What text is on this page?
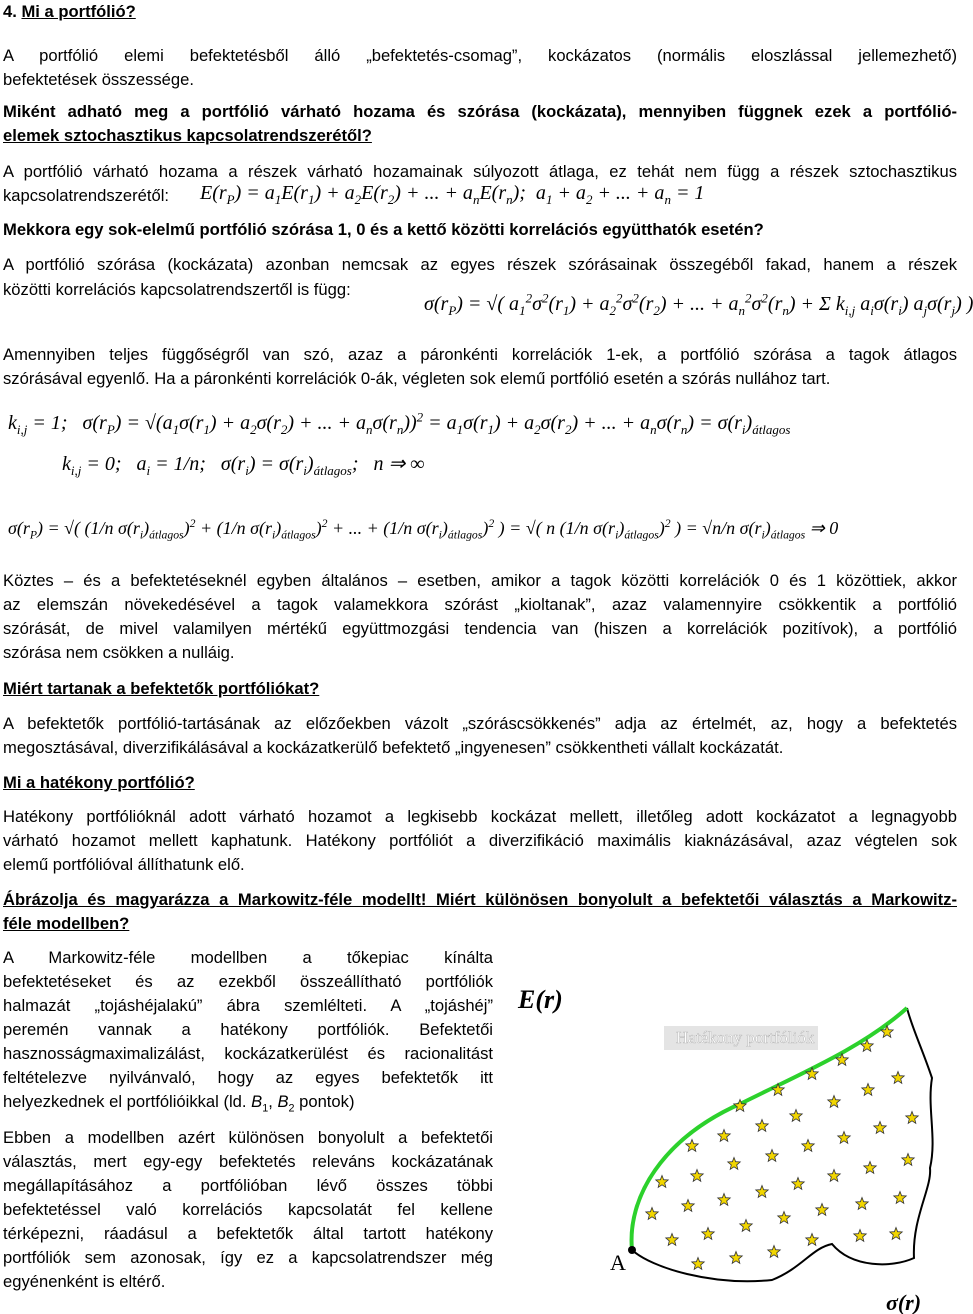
4. Mi a portfólió?

A portfólió elemi befektetésből álló „befektetés-csomag”, kockázatos (normális eloszlással jellemezhető)

befektetések összessége.

Miként adható meg a portfólió várható hozama és szórása (kockázata), mennyiben függnek ezek a portfólió-

elemek sztochasztikus kapcsolatrendszerétől?

A portfólió várható hozama a részek várható hozamainak súlyozott átlaga, ez tehát nem függ a részek sztochasztikus

kapcsolatrendszerétől: $E(r_P) = a_1E(r_1) + a_2E(r_2)$ + ... + $a_nE(r_n)$;  $a_1 + a_2$ + ... + $a_n = 1$

Mekkora egy sok-elelmű portfólió szórása 1, 0 és a kettő közötti korrelációs együtthatók esetén?

A portfólió szórása (kockázata) azonban nemcsak az egyes részek szórásainak összegéből fakad, hanem a részek

közötti korrelációs kapcsolatrendszertől is függ:

$\sigma(r_P)$ = √( $a_1^2\sigma^2(r_1) + a_2^2\sigma^2(r_2)$ + ... + $a_n^2\sigma^2(r_n) + \Sigma$ $k_{i,j}$ $a_i\sigma(r_i)$ $a_j\sigma(r_j)$ )

Amennyiben teljes függőségről van szó, azaz a páronkénti korrelációk 1-ek, a portfólió szórása a tagok átlagos

szórásával egyenlő. Ha a páronkénti korrelációk 0-ák, végleten sok elemű portfólió esetén a szórás nullához tart.

$k_{i,j} = 1$;   $\sigma(r_P) = √(a_1\sigma(r_1) + a_2\sigma(r_2)$ + ... + $a_n\sigma(r_n))^2 = a_1\sigma(r_1) + a_2\sigma(r_2)$ + ... + $a_n\sigma(r_n) = \sigma(r_i)_{átlagos}$
$k_{i,j} = 0$;   $a_i = 1/n$;   $\sigma(r_i) = \sigma(r_i)_{átlagos}$;   n ⇒ ∞
$\sigma(r_P)$ = √( (1/n $\sigma(r_i)_{átlagos})^2 + (1/n$ $\sigma(r_i)_{átlagos})^2$ + ... + (1/n $\sigma(r_i)_{átlagos})^2$ ) = √( n (1/n $\sigma(r_i)_{átlagos})^2$ ) = √n/n $\sigma(r_i)_{átlagos}$ ⇒ 0

Köztes – és a befektetéseknél egyben általános – esetben, amikor a tagok közötti korrelációk 0 és 1 közöttiek, akkor

az elemszán növekedésével a tagok valamekkora szórást „kioltanak”, azaz valamennyire csökkentik a portfólió

szórását, de mivel valamilyen mértékű együttmozgási tendencia van (hiszen a korrelációk pozitívok), a portfólió

szórása nem csökken a nulláig.

Miért tartanak a befektetők portfóliókat?

A befektetők portfólió-tartásának az előzőekben vázolt „szóráscsökkenés” adja az értelmét, az, hogy a befektetés

megosztásával, diverzifikálásával a kockázatkerülő befektető „ingyenesen” csökkentheti vállalt kockázatát.

Mi a hatékony portfólió?

Hatékony portfólióknál adott várható hozamot a legkisebb kockázat mellett, illetőleg adott kockázatot a legnagyobb

várható hozamot mellett kaphatunk. Hatékony portfóliót a diverzifikáció maximális kiaknázásával, azaz végtelen sok

elemű portfólióval állíthatunk elő.

Ábrázolja és magyarázza a Markowitz-féle modellt! Miért különösen bonyolult a befektetői választás a Markowitz-

féle modellben?

A Markowitz-féle modellben a tőkepiac kínálta

befektetéseket és az ezekből összeállítható portfóliók

halmazát „tojáshéjalakú” ábra szemlélteti. A „tojáshéj”

peremén vannak a hatékony portfóliók. Befektetői

hasznosságmaximalizálást, kockázatkerülést és racionalitást

feltételezve nyilvánvaló, hogy az egyes befektetők itt

helyezkednek el portfólióikkal (ld. $B_1$, $B_2$ pontok)

Ebben a modellben azért különösen bonyolult a befektetői

választás, mert egy-egy befektetés releváns kockázatának

megállapításához a portfólióban lévő összes többi

befektetéssel való korrelációs kapcsolatát fel kellene

térképezni, ráadásul a befektetők által tartott hatékony

portfóliók sem azonosak, így ez a kapcsolatrendszer még

egyénenként is eltérő.

E(r)
Hatékony portfóliók
A
σ(r)
